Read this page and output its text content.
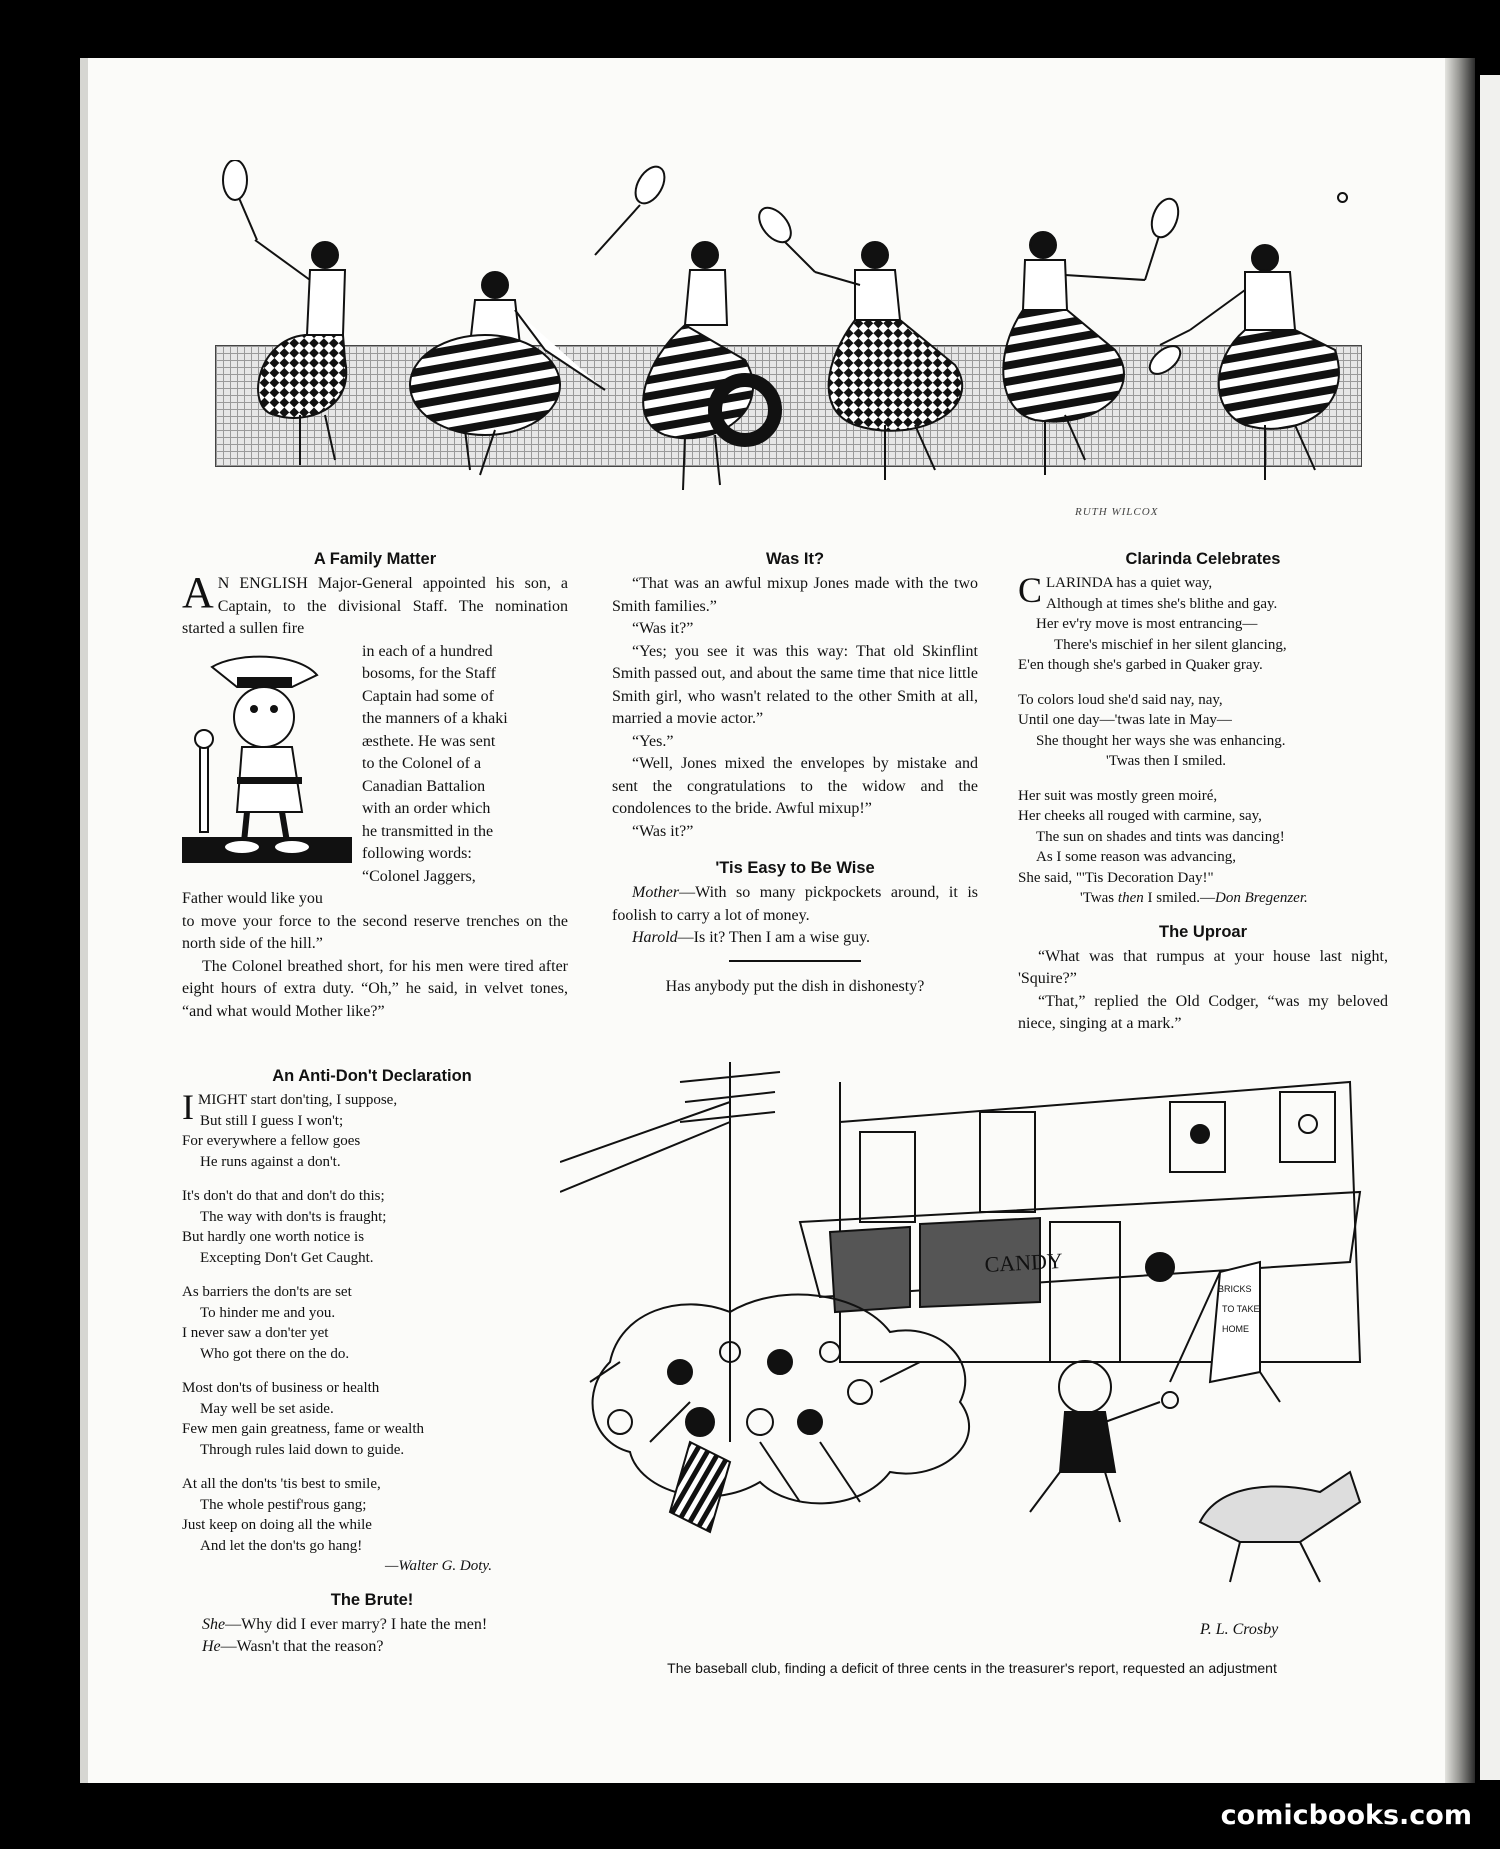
RUTH WILCOX
A Family Matter

A N ENGLISH Major-General appointed his son, a Captain, to the divisional Staff. The nomination started a sullen fire

in each of a hundred

bosoms, for the Staff

Captain had some of

the manners of a khaki

æsthete. He was sent

to the Colonel of a

Canadian Battalion

with an order which

he transmitted in the

following words:

“Colonel Jaggers,

Father would like you

to move your force to the second reserve trenches on the north side of the hill.”

The Colonel breathed short, for his men were tired after eight hours of extra duty. “Oh,” he said, in velvet tones, “and what would Mother like?”

Was It?

“That was an awful mixup Jones made with the two Smith families.”

“Was it?”

“Yes; you see it was this way: That old Skinflint Smith passed out, and about the same time that nice little Smith girl, who wasn't related to the other Smith at all, married a movie actor.”

“Yes.”

“Well, Jones mixed the envelopes by mistake and sent the congratulations to the widow and the condolences to the bride. Awful mixup!”

“Was it?”

'Tis Easy to Be Wise

Mother—With so many pickpockets around, it is foolish to carry a lot of money.

Harold—Is it? Then I am a wise guy.

Has anybody put the dish in dishonesty?

Clarinda Celebrates
CLARINDA has a quiet way,
Although at times she's blithe and gay.
Her ev'ry move is most entrancing—
There's mischief in her silent glancing,
E'en though she's garbed in Quaker gray.
To colors loud she'd said nay, nay,
Until one day—'twas late in May—
She thought her ways she was enhancing.
'Twas then I smiled.
Her suit was mostly green moiré,
Her cheeks all rouged with carmine, say,
The sun on shades and tints was dancing!
As I some reason was advancing,
She said, "'Tis Decoration Day!"
'Twas then I smiled.—Don Bregenzer.
The Uproar

“What was that rumpus at your house last night, 'Squire?”

“That,” replied the Old Codger, “was my beloved niece, singing at a mark.”

An Anti-Don't Declaration
IMIGHT start don'ting, I suppose,
But still I guess I won't;
For everywhere a fellow goes
He runs against a don't.
It's don't do that and don't do this;
The way with don'ts is fraught;
But hardly one worth notice is
Excepting Don't Get Caught.
As barriers the don'ts are set
To hinder me and you.
I never saw a don'ter yet
Who got there on the do.
Most don'ts of business or health
May well be set aside.
Few men gain greatness, fame or wealth
Through rules laid down to guide.
At all the don'ts 'tis best to smile,
The whole pestif'rous gang;
Just keep on doing all the while
And let the don'ts go hang!
—Walter G. Doty.
The Brute!

She—Why did I ever marry? I hate the men!

He—Wasn't that the reason?

CANDY
BRICKS
TO TAKE
HOME
P. L. Crosby
The baseball club, finding a deficit of three cents in the treasurer's report, requested an adjustment
comicbooks.com
